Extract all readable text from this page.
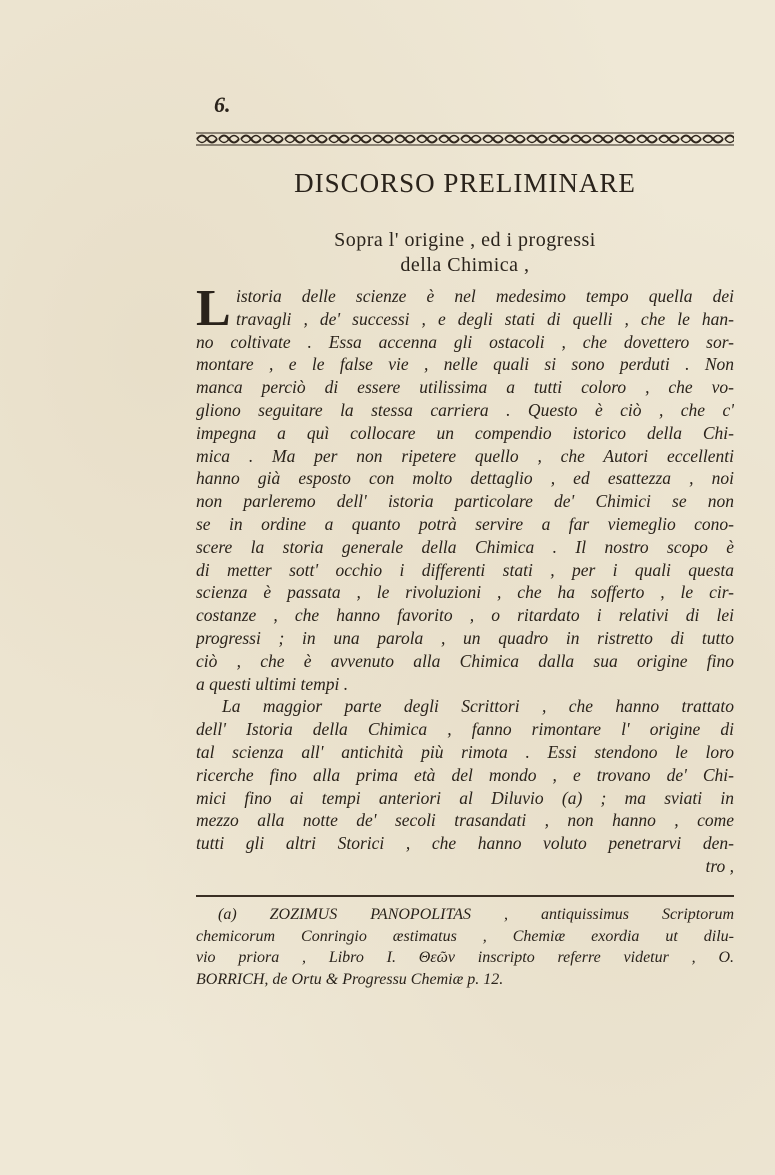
6.
DISCORSO PRELIMINARE
Sopra l' origine , ed i progressi
della Chimica ,
L istoria delle scienze è nel medesimo tempo quella dei
travagli , de' successi , e degli stati di quelli , che le han-
no coltivate . Essa accenna gli ostacoli , che dovettero sor-
montare , e le false vie , nelle quali si sono perduti . Non
manca perciò di essere utilissima a tutti coloro , che vo-
gliono seguitare la stessa carriera . Questo è ciò , che c'
impegna a quì collocare un compendio istorico della Chi-
mica . Ma per non ripetere quello , che Autori eccellenti
hanno già esposto con molto dettaglio , ed esattezza , noi
non parleremo dell' istoria particolare de' Chimici se non
se in ordine a quanto potrà servire a far viemeglio cono-
scere la storia generale della Chimica . Il nostro scopo è
di metter sott' occhio i differenti stati , per i quali questa
scienza è passata , le rivoluzioni , che ha sofferto , le cir-
costanze , che hanno favorito , o ritardato i relativi di lei
progressi ; in una parola , un quadro in ristretto di tutto
ciò , che è avvenuto alla Chimica dalla sua origine fino
a questi ultimi tempi .
La maggior parte degli Scrittori , che hanno trattato
dell' Istoria della Chimica , fanno rimontare l' origine di
tal scienza all' antichità più rimota . Essi stendono le loro
ricerche fino alla prima età del mondo , e trovano de' Chi-
mici fino ai tempi anteriori al Diluvio (a) ; ma sviati in
mezzo alla notte de' secoli trasandati , non hanno , come
tutti gli altri Storici , che hanno voluto penetrarvi den-
tro ,
(a) ZOZIMUS PANOPOLITAS , antiquissimus Scriptorum
chemicorum Conringio æstimatus , Chemiæ exordia ut dilu-
vio priora , Libro I. Θεῶν inscripto referre videtur , O.
BORRICH, de Ortu & Progressu Chemiæ p. 12.
